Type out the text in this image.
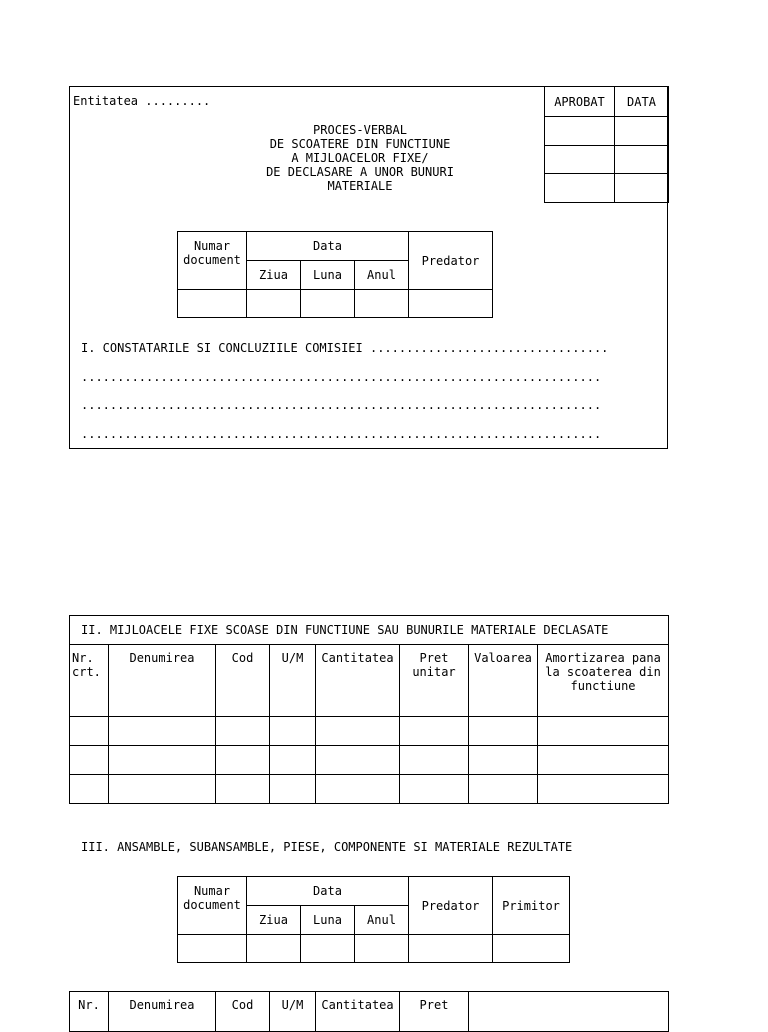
Entitatea .........	APROBAT	DATA

PROCES-VERBAL
DE SCOATERE DIN FUNCTIUNE
A MIJLOACELOR FIXE/
DE DECLASARE A UNOR BUNURI
MATERIALE
Numar document	Data			Predator
	Ziua	Luna	Anul	

I. CONSTATARILE SI CONCLUZIILE COMISIEI .................................
........................................................................
........................................................................
........................................................................
II. MIJLOACELE FIXE SCOASE DIN FUNCTIUNE SAU BUNURILE MATERIALE DECLASATE							
Nr. crt.	Denumirea	Cod	U/M	Cantitatea	Pret unitar	Valoarea	Amortizarea pana la scoaterea din functiune

III. ANSAMBLE, SUBANSAMBLE, PIESE, COMPONENTE SI MATERIALE REZULTATE
Numar document	Data			Predator	Primitor
	Ziua	Luna	Anul		

Nr.	Denumirea	Cod	U/M	Cantitatea	Pret	
